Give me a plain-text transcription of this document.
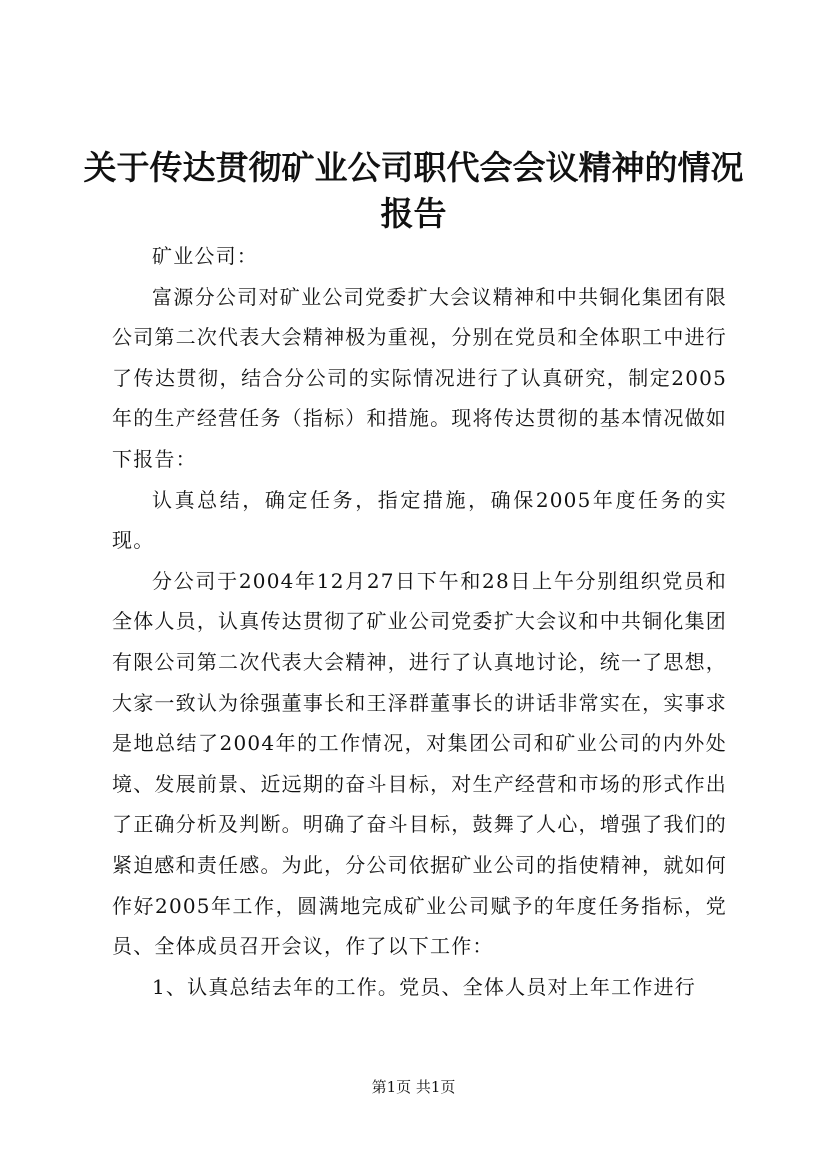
关于传达贯彻矿业公司职代会会议精神的情况
报告

矿业公司：

富源分公司对矿业公司党委扩大会议精神和中共铜化集团有限公司第二次代表大会精神极为重视，分别在党员和全体职工中进行了传达贯彻，结合分公司的实际情况进行了认真研究，制定2005年的生产经营任务（指标）和措施。现将传达贯彻的基本情况做如下报告：

认真总结，确定任务，指定措施，确保2005年度任务的实现。

分公司于2004年12月27日下午和28日上午分别组织党员和全体人员，认真传达贯彻了矿业公司党委扩大会议和中共铜化集团有限公司第二次代表大会精神，进行了认真地讨论，统一了思想，大家一致认为徐强董事长和王泽群董事长的讲话非常实在，实事求是地总结了2004年的工作情况，对集团公司和矿业公司的内外处境、发展前景、近远期的奋斗目标，对生产经营和市场的形式作出了正确分析及判断。明确了奋斗目标，鼓舞了人心，增强了我们的紧迫感和责任感。为此，分公司依据矿业公司的指使精神，就如何作好2005年工作，圆满地完成矿业公司赋予的年度任务指标，党员、全体成员召开会议，作了以下工作：

1、认真总结去年的工作。党员、全体人员对上年工作进行

第1页 共1页
